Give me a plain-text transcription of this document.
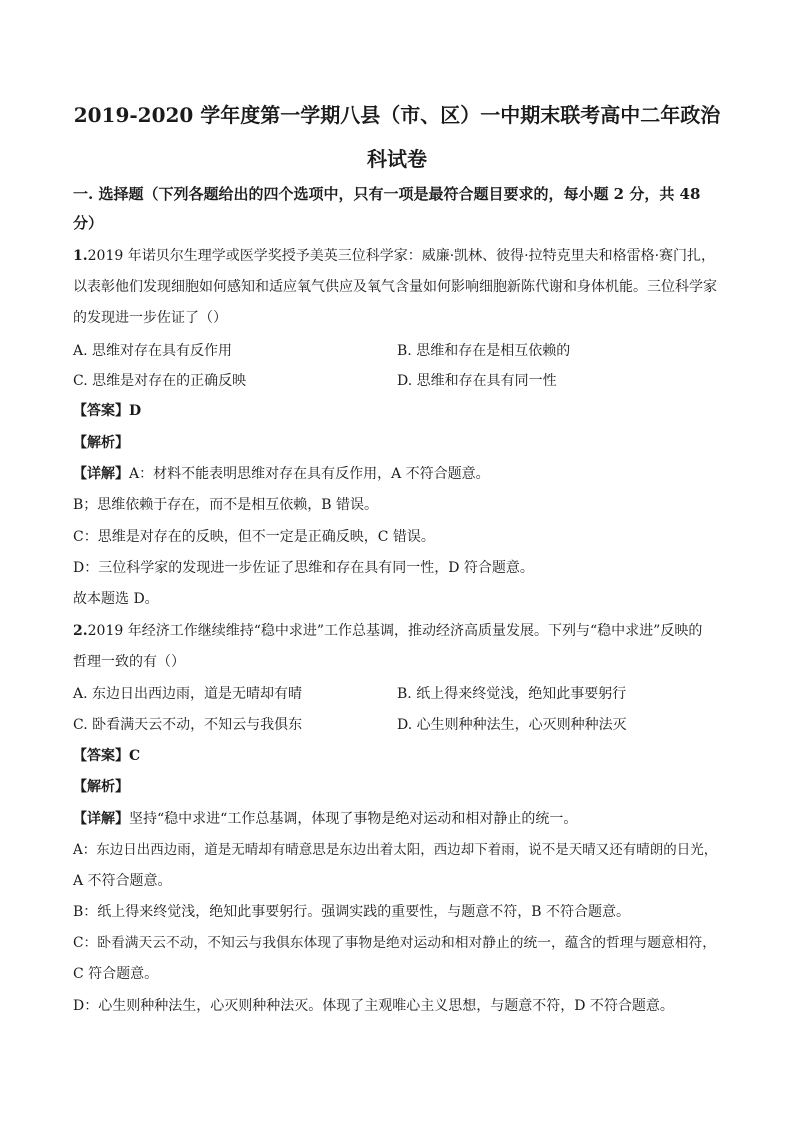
2019-2020 学年度第一学期八县（市、区）一中期末联考高中二年政治
科试卷
一. 选择题（下列各题给出的四个选项中，只有一项是最符合题目要求的，每小题 2 分，共 48
分）
1.2019 年诺贝尔生理学或医学奖授予美英三位科学家：威廉·凯林、彼得·拉特克里夫和格雷格·赛门扎，
以表彰他们发现细胞如何感知和适应氧气供应及氧气含量如何影响细胞新陈代谢和身体机能。三位科学家
的发现进一步佐证了（）
A. 思维对存在具有反作用	B. 思维和存在是相互依赖的
C. 思维是对存在的正确反映	D. 思维和存在具有同一性
【答案】D
【解析】
【详解】A：材料不能表明思维对存在具有反作用，A 不符合题意。
B；思维依赖于存在，而不是相互依赖，B 错误。
C：思维是对存在的反映，但不一定是正确反映，C 错误。
D：三位科学家的发现进一步佐证了思维和存在具有同一性，D 符合题意。
故本题选 D。
2.2019 年经济工作继续维持“稳中求进”工作总基调，推动经济高质量发展。下列与“稳中求进”反映的
哲理一致的有（）
A. 东边日出西边雨，道是无晴却有晴	B. 纸上得来终觉浅，绝知此事要躬行
C. 卧看满天云不动，不知云与我俱东	D. 心生则种种法生，心灭则种种法灭
【答案】C
【解析】
【详解】坚持“稳中求进“工作总基调，体现了事物是绝对运动和相对静止的统一。
A：东边日出西边雨，道是无晴却有晴意思是东边出着太阳，西边却下着雨，说不是天晴又还有晴朗的日光，
A 不符合题意。
B：纸上得来终觉浅，绝知此事要躬行。强调实践的重要性，与题意不符，B 不符合题意。
C：卧看满天云不动，不知云与我俱东体现了事物是绝对运动和相对静止的统一，蕴含的哲理与题意相符，
C 符合题意。
D：心生则种种法生，心灭则种种法灭。体现了主观唯心主义思想，与题意不符，D 不符合题意。
